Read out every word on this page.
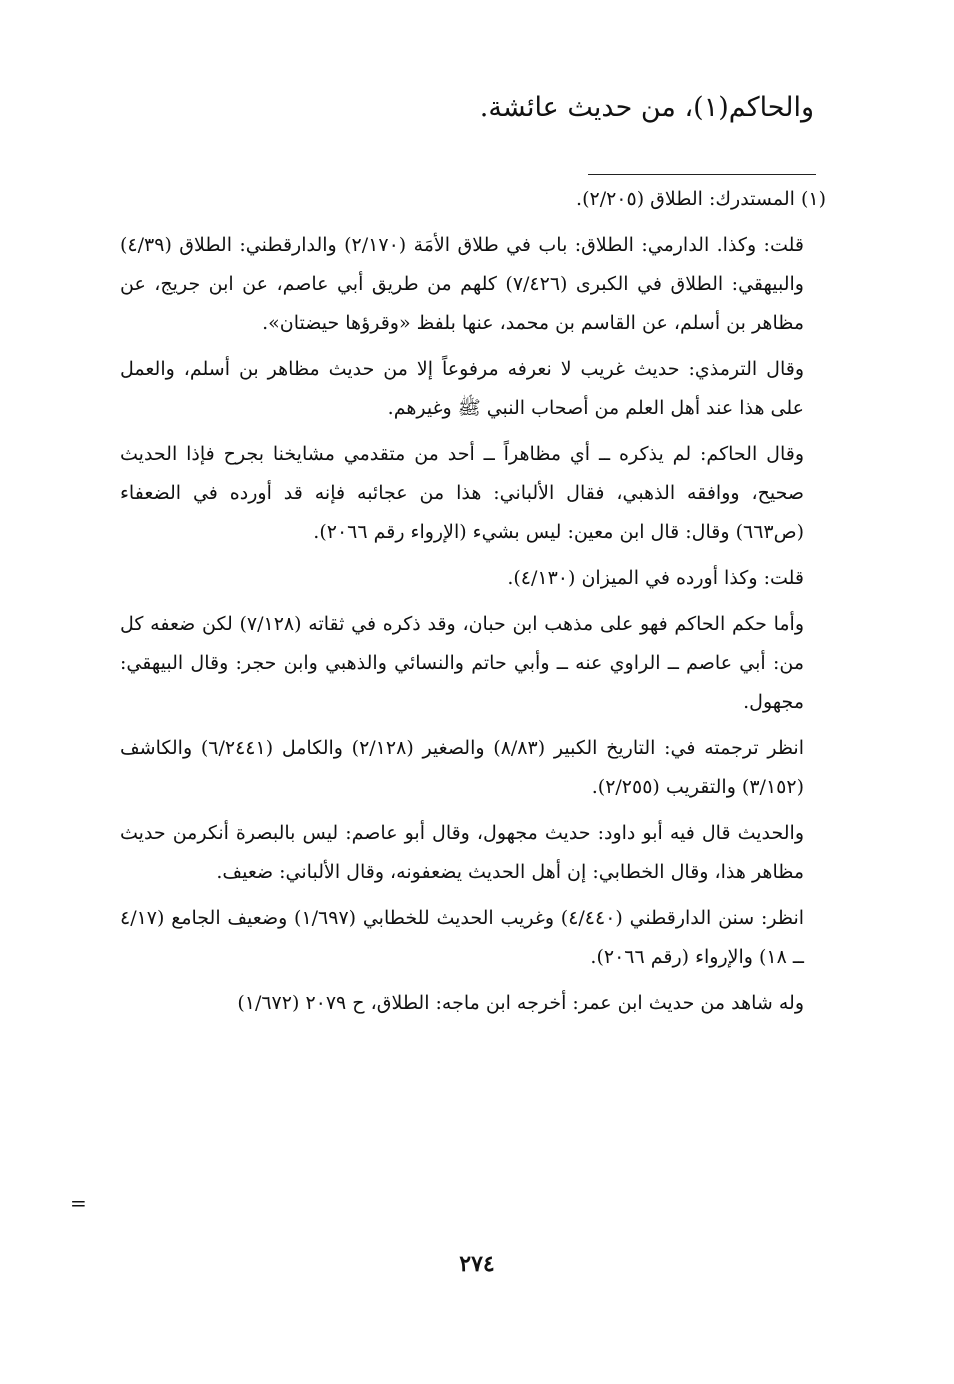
والحاكم(١)، من حديث عائشة.

(١) المستدرك: الطلاق (٢/٢٠٥).

قلت: وكذا. الدارمي: الطلاق: باب في طلاق الأمَة (٢/١٧٠) والدارقطني: الطلاق (٤/٣٩) والبيهقي: الطلاق في الكبرى (٧/٤٢٦) كلهم من طريق أبي عاصم، عن ابن جريج، عن مظاهر بن أسلم، عن القاسم بن محمد، عنها بلفظ «وقرؤها حيضتان».

وقال الترمذي: حديث غريب لا نعرفه مرفوعاً إلا من حديث مظاهر بن أسلم، والعمل على هذا عند أهل العلم من أصحاب النبي ﷺ وغيرهم.

وقال الحاكم: لم يذكره ــ أي مظاهراً ــ أحد من متقدمي مشايخنا بجرح فإذا الحديث صحيح، ووافقه الذهبي، فقال الألباني: هذا من عجائبه فإنه قد أورده في الضعفاء (ص٦٦٣) وقال: قال ابن معين: ليس بشيء (الإرواء رقم ٢٠٦٦).

قلت: وكذا أورده في الميزان (٤/١٣٠).

وأما حكم الحاكم فهو على مذهب ابن حبان، وقد ذكره في ثقاته (٧/١٢٨) لكن ضعفه كل من: أبي عاصم ــ الراوي عنه ــ وأبي حاتم والنسائي والذهبي وابن حجر: وقال البيهقي: مجهول.

انظر ترجمته في: التاريخ الكبير (٨/٨٣) والصغير (٢/١٢٨) والكامل (٦/٢٤٤١) والكاشف (٣/١٥٢) والتقريب (٢/٢٥٥).

والحديث قال فيه أبو داود: حديث مجهول، وقال أبو عاصم: ليس بالبصرة أنكرمن حديث مظاهر هذا، وقال الخطابي: إن أهل الحديث يضعفونه، وقال الألباني: ضعيف.

انظر: سنن الدارقطني (٤/٤٤٠) وغريب الحديث للخطابي (١/٦٩٧) وضعيف الجامع (٤/١٧ ــ ١٨) والإرواء (رقم ٢٠٦٦).

وله شاهد من حديث ابن عمر: أخرجه ابن ماجه: الطلاق، ح ٢٠٧٩ (١/٦٧٢)

=
٢٧٤
